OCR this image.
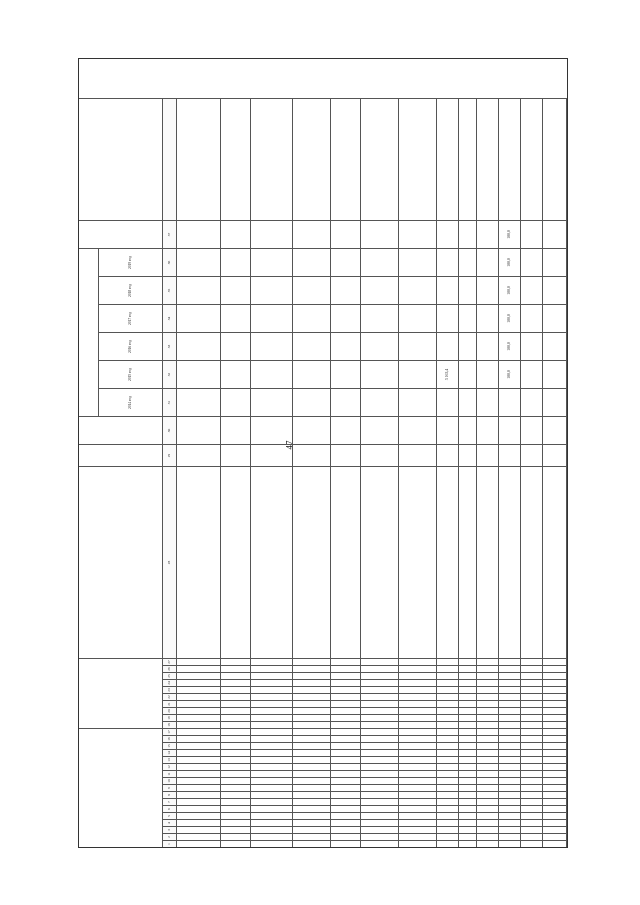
47
2014 год
2015 год
2016 год
2017 год
2018 год
2019 год
1
2
3
4
5
6
7
8
9
10
11
12
13
14
15
16
17
18
19
20
21
22
23
24
25
26
27
28
29
30
31
32
33
34
35
36
37
3 163,4	100,0
100,0
100,0
100,0
100,0
100,0
